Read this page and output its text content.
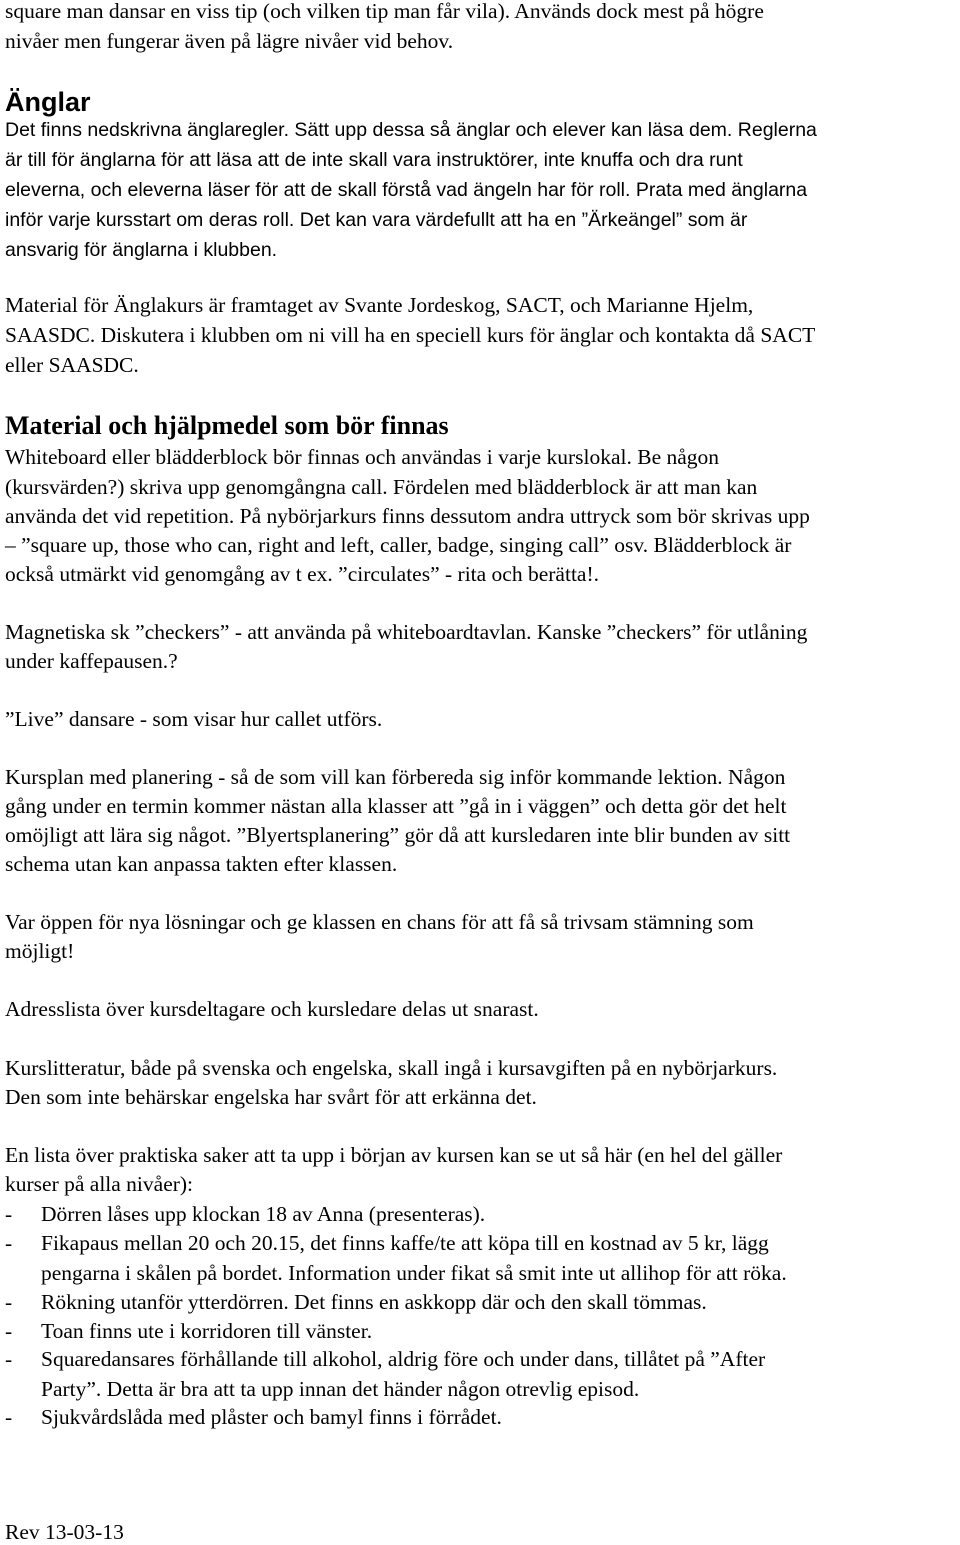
square man dansar en viss tip (och vilken tip man får vila). Används dock mest på högre
nivåer men fungerar även på lägre nivåer vid behov.
Änglar
Det finns nedskrivna änglaregler. Sätt upp dessa så änglar och elever kan läsa dem. Reglerna
är till för änglarna för att läsa att de inte skall vara instruktörer, inte knuffa och dra runt
eleverna, och eleverna läser för att de skall förstå vad ängeln har för roll. Prata med änglarna
inför varje kursstart om deras roll. Det kan vara värdefullt att ha en ”Ärkeängel” som är
ansvarig för änglarna i klubben.
Material för Änglakurs är framtaget av Svante Jordeskog, SACT, och Marianne Hjelm,
SAASDC. Diskutera i klubben om ni vill ha en speciell kurs för änglar och kontakta då SACT
eller SAASDC.
Material och hjälpmedel som bör finnas
Whiteboard eller blädderblock bör finnas och användas i varje kurslokal. Be någon
(kursvärden?) skriva upp genomgångna call. Fördelen med blädderblock är att man kan
använda det vid repetition. På nybörjarkurs finns dessutom andra uttryck som bör skrivas upp
– ”square up, those who can, right and left, caller, badge, singing call” osv. Blädderblock är
också utmärkt vid genomgång av t ex. ”circulates” - rita och berätta!.
Magnetiska sk ”checkers” - att använda på whiteboardtavlan. Kanske ”checkers” för utlåning
under kaffepausen.?
”Live” dansare - som visar hur callet utförs.
Kursplan med planering - så de som vill kan förbereda sig inför kommande lektion. Någon
gång under en termin kommer nästan alla klasser att ”gå in i väggen” och detta gör det helt
omöjligt att lära sig något. ”Blyertsplanering” gör då att kursledaren inte blir bunden av sitt
schema utan kan anpassa takten efter klassen.
Var öppen för nya lösningar och ge klassen en chans för att få så trivsam stämning som
möjligt!
Adresslista över kursdeltagare och kursledare delas ut snarast.
Kurslitteratur, både på svenska och engelska, skall ingå i kursavgiften på en nybörjarkurs.
Den som inte behärskar engelska har svårt för att erkänna det.
En lista över praktiska saker att ta upp i början av kursen kan se ut så här (en hel del gäller
kurser på alla nivåer):
- Dörren låses upp klockan 18 av Anna (presenteras).
- Fikapaus mellan 20 och 20.15, det finns kaffe/te att köpa till en kostnad av 5 kr, lägg
pengarna i skålen på bordet. Information under fikat så smit inte ut allihop för att röka.
- Rökning utanför ytterdörren. Det finns en askkopp där och den skall tömmas.
- Toan finns ute i korridoren till vänster.
- Squaredansares förhållande till alkohol, aldrig före och under dans, tillåtet på ”After
Party”. Detta är bra att ta upp innan det händer någon otrevlig episod.
- Sjukvårdslåda med plåster och bamyl finns i förrådet.
Rev 13-03-13
